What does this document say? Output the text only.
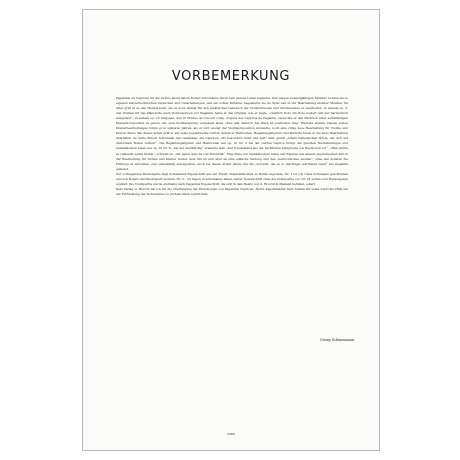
VORBEMERKUNG

Paganinis 24 Capricen für die Violine allein haben Robert Schumanns durch sein ganzes Leben begleitet. Den jungen zwanzigjährigen Musiker lockten sie zu eigenen klaviertechnischen Versuchen und Umarbeitungen, und ein echter Künstler begeisterte sie im Spiel und in der Bearbeitung anderer Musiker. Im Alter griff er zu den Meisterwerk, um es noch einmal für den praktischen Gebrauch der Violinvirtuosen und Studierenden zu bearbeiten. In seinem op. 3, den Studien für das Pianoforte nach Violincapricen von Paganini, hatte er das Original, wie er sagte, „ziemlich Note um Note kopiert und nur harmonisch ausgebaut“; in seinem op. 10 hingegen, den VI Etudes de Concert comp. d’après des Caprices de Paganini, versuchte er den Eindruck einer selbständigen Klavierkomposition zu geben, die „den Violinursprung vergessen lasse, ohne daß dadurch das Werk an poetischer Idee“ Einbuße erleide. Diesen ersten Klavierbearbeitungen folgte er in späteren Jahren, als er sich wieder der Violinkomposition zuwandte, noch eine völlig neue Bearbeitung für Violine und Klavier hinzu. Bei dieser Arbeit griff er auf seine Jugendwerke zurück, indem er Harmonien, Begleitungsfiguren und ähnliche Ideen in die neue Bearbeitung übernahm. So hatte Robert Schumann den Gedanken, die Capricen „für besondere nicht und zart“ hält, gleich „einem italienischen Strom, der sich auf deutschem Boden verliert“. Die Begleitungsfiguren und Harmonien aus op. 10 Nr. 2 bei der vierten Caprice bringt der gleichen Nachahmungen und musikalischen Ideen wie op. 10 Nr. 6, „bei der Ausführung“ erkannte man „Der Tonumstand aus der berühmten Symphonie von Beethoven vor“. „Man würde es vielleicht selbst finden“, schreibt er, „der ganze Satz ist voll Romantik“. Eine Fülle von musikalischen Ideen und Figuren aus seinem Jugendwerken lebt in der Bearbeitung für Violine und Klavier weiter. Sein Stil ist sich aber an eine einfache Setzung und den „harmonischen Ausbau“, ohne den Solisten die Führung zu entreißen oder selbständig einzugreifen. Auch bei dieser Arbeit leitete ihn die „Vorsicht, die es so mächtiger wartheten Geist“ wie Paganini gebietet.

Der vorliegenden Herausgabe liegt Schumanns Eigenschrift aus der Preuß. Staatsbibliothek zu Berlin zugrunde. Nr. 1 ist von Clara Schumann geschrieben und von Robert durchkorrigiert worden, Nr. 2 – 23 liegen in Schumanns feiner, zarter Notenschrift ohne die Violinpartie vor. Nr. 24 wurde vom Herausgeber ergänzt. Die Violinpartie wurde erstmalig nach Paganinis Eigenschrift, die sich in dem Besitz von G. Ricordi in Mailand befindet, ediert.

Dem Verlag G. Ricordi bin ich für die Überlassung der Photokopien von Paganinis Capricen, Herrn Kapellmeister Kurt Soldan für seine wertvolle Hilfe bei der Feststellung des Notentextes zu großem Dank verpflichtet.

Georg Schünemann
2489
